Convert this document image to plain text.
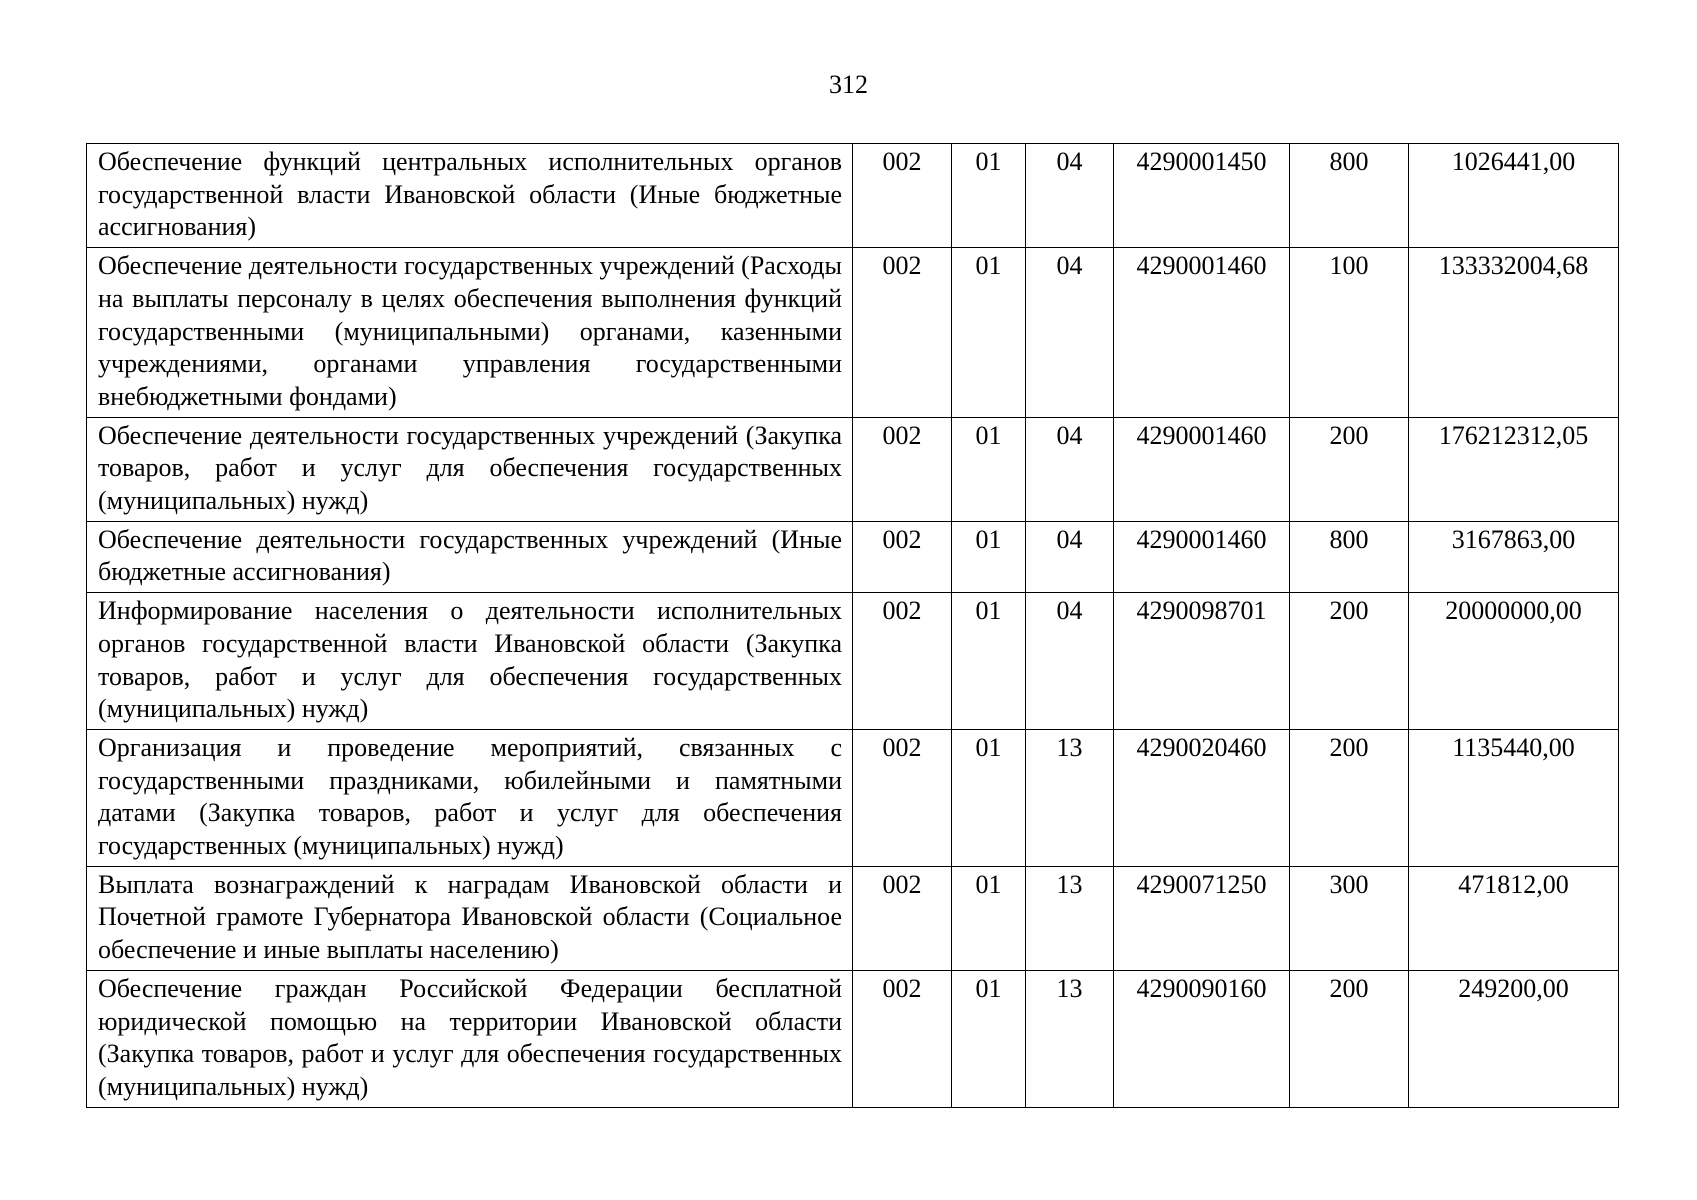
312
Обеспечение функций центральных исполнительных органов государственной власти Ивановской области (Иные бюджетные ассигнования)	002	01	04	4290001450	800	1026441,00
Обеспечение деятельности государственных учреждений (Расходы на выплаты персоналу в целях обеспечения выполнения функций государственными (муниципальными) органами, казенными учреждениями, органами управления государственными внебюджетными фондами)	002	01	04	4290001460	100	133332004,68
Обеспечение деятельности государственных учреждений (Закупка товаров, работ и услуг для обеспечения государственных (муниципальных) нужд)	002	01	04	4290001460	200	176212312,05
Обеспечение деятельности государственных учреждений (Иные бюджетные ассигнования)	002	01	04	4290001460	800	3167863,00
Информирование населения о деятельности исполнительных органов государственной власти Ивановской области (Закупка товаров, работ и услуг для обеспечения государственных (муниципальных) нужд)	002	01	04	4290098701	200	20000000,00
Организация и проведение мероприятий, связанных с государственными праздниками, юбилейными и памятными датами (Закупка товаров, работ и услуг для обеспечения государственных (муниципальных) нужд)	002	01	13	4290020460	200	1135440,00
Выплата вознаграждений к наградам Ивановской области и Почетной грамоте Губернатора Ивановской области (Социальное обеспечение и иные выплаты населению)	002	01	13	4290071250	300	471812,00
Обеспечение граждан Российской Федерации бесплатной юридической помощью на территории Ивановской области (Закупка товаров, работ и услуг для обеспечения государственных (муниципальных) нужд)	002	01	13	4290090160	200	249200,00
